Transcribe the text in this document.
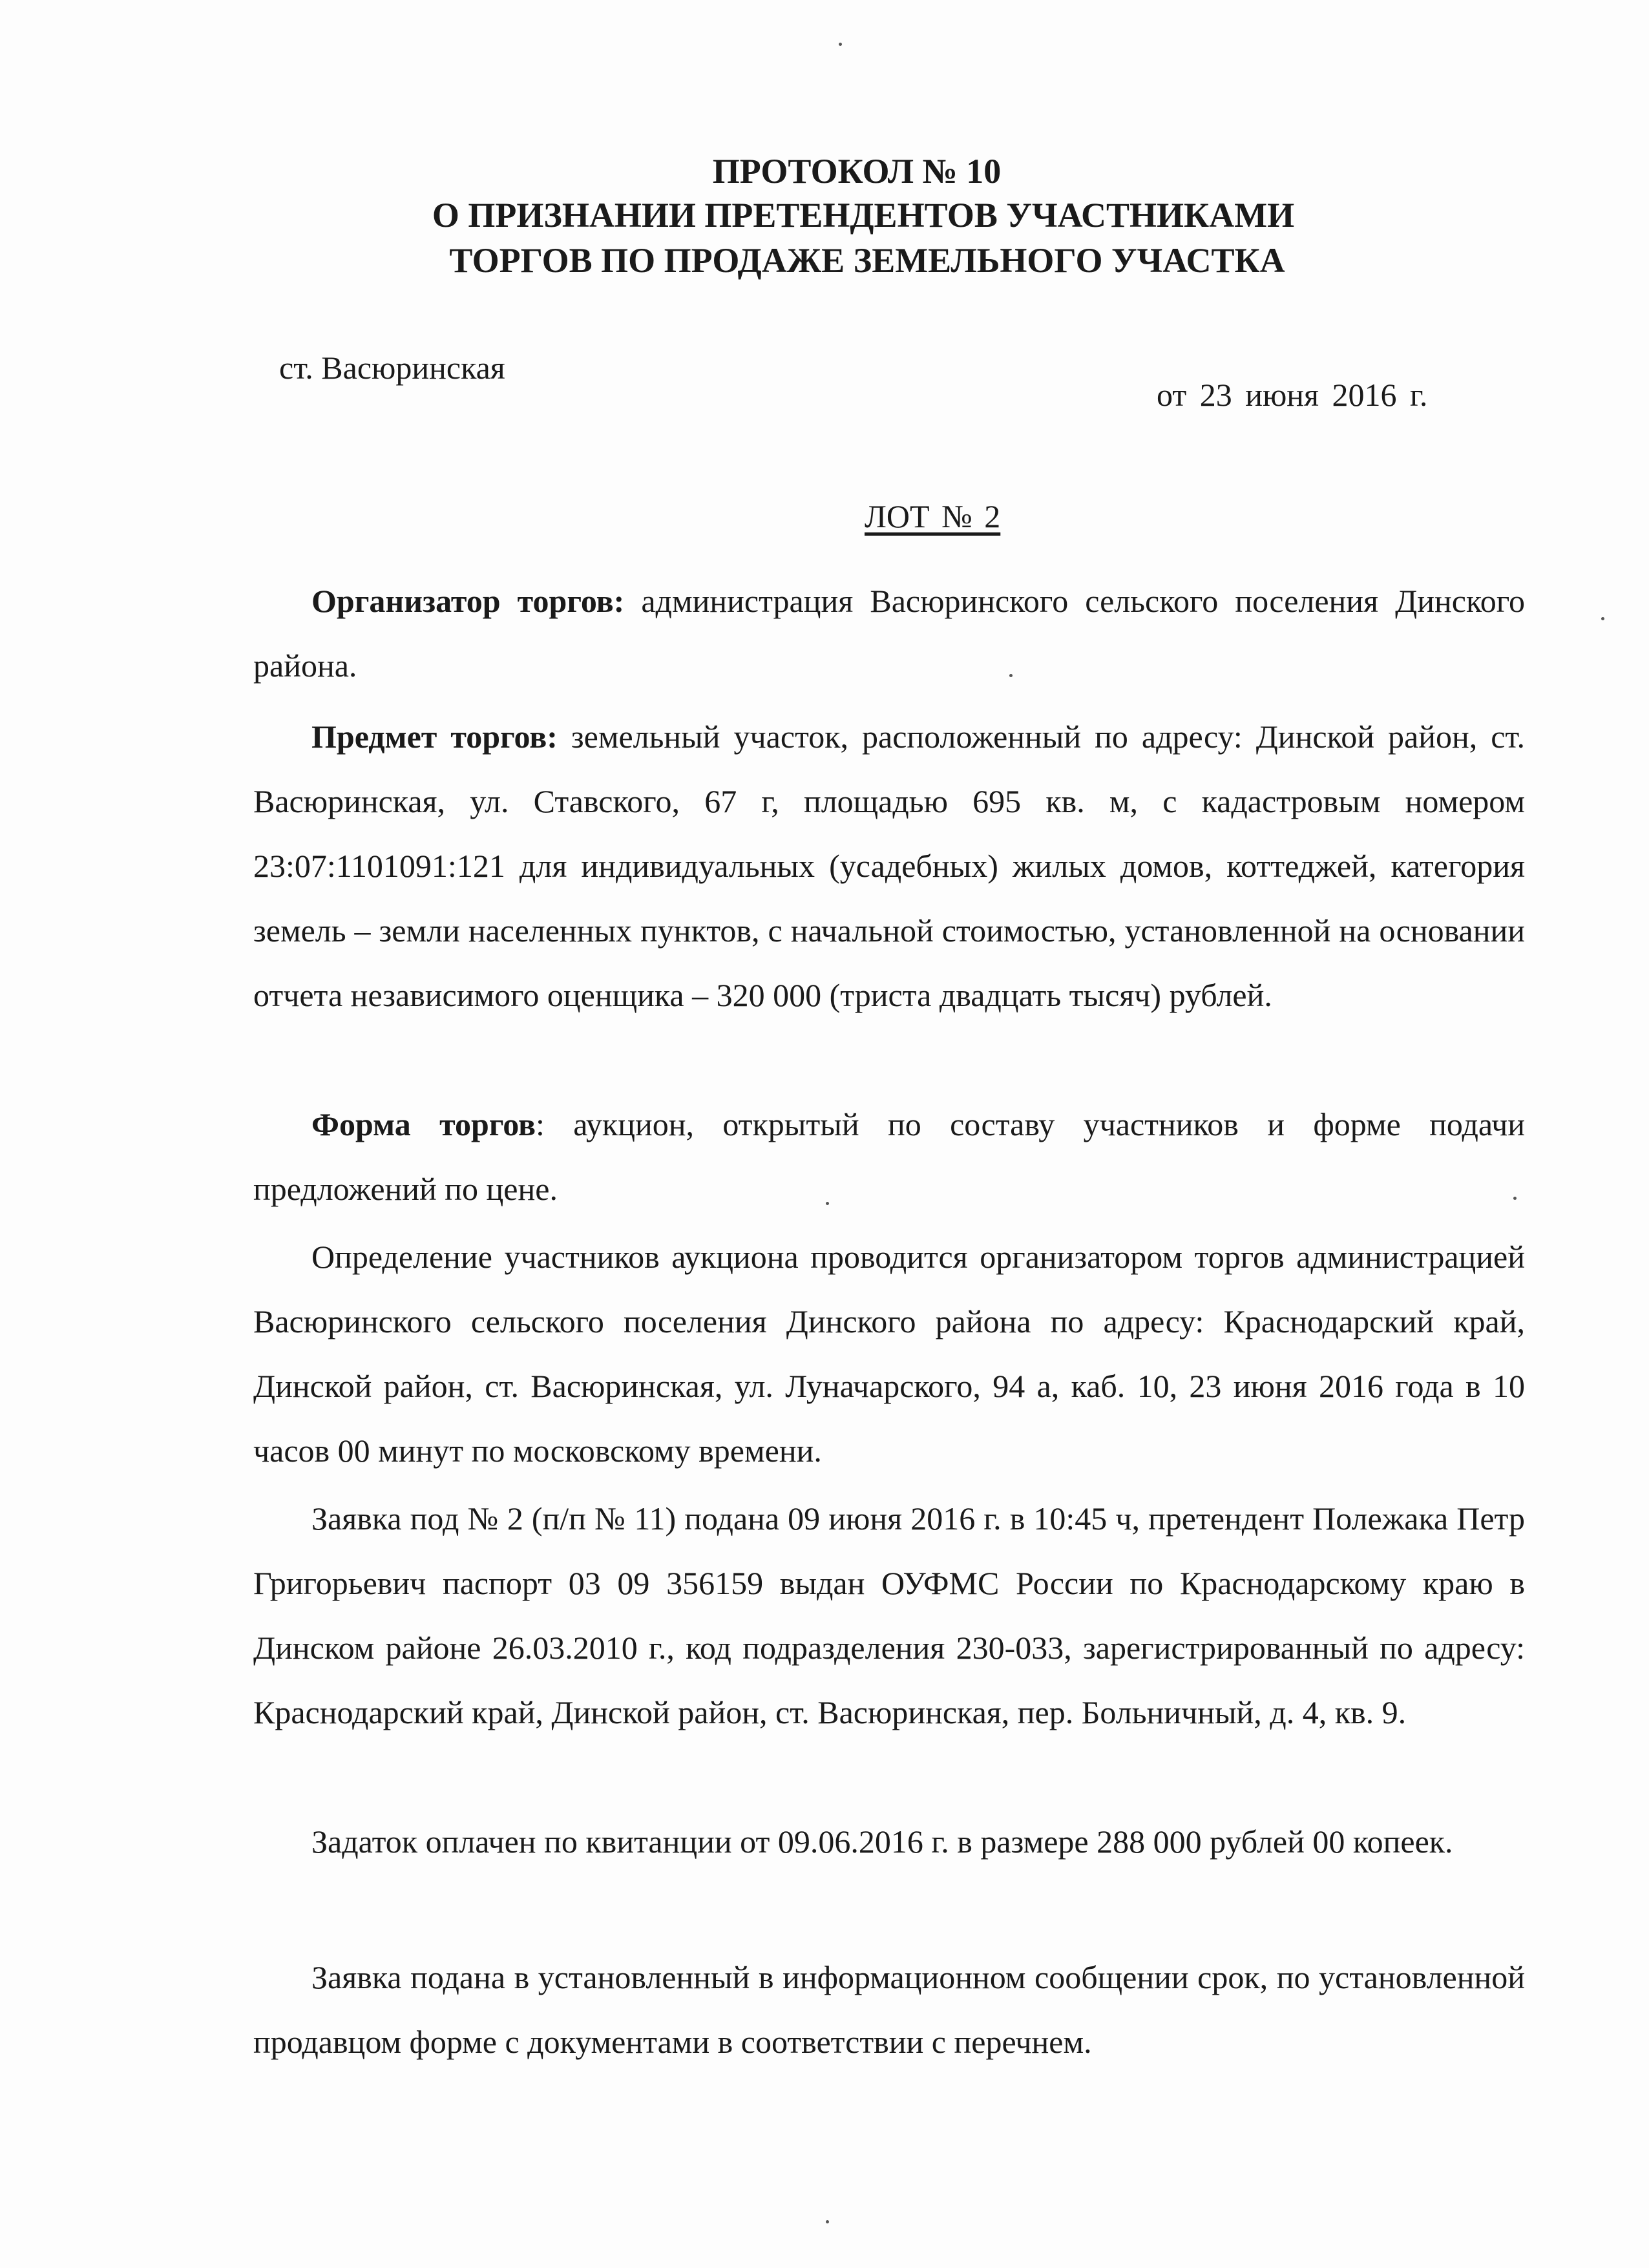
ПРОТОКОЛ № 10
О ПРИЗНАНИИ ПРЕТЕНДЕНТОВ УЧАСТНИКАМИ
ТОРГОВ ПО ПРОДАЖЕ ЗЕМЕЛЬНОГО УЧАСТКА
ст. Васюринская
от 23 июня 2016 г.
ЛОТ № 2

Организатор торгов: администрация Васюринского сельского поселения Динского района.

Предмет торгов: земельный участок, расположенный по адресу: Динской район, ст. Васюринская, ул. Ставского, 67 г, площадью 695 кв. м, с кадастровым номером 23:07:1101091:121 для индивидуальных (усадебных) жилых домов, коттеджей, категория земель – земли населенных пунктов, с начальной стоимостью, установленной на основании отчета независимого оценщика – 320 000 (триста двадцать тысяч) рублей.

Форма торгов: аукцион, открытый по составу участников и форме подачи предложений по цене.

Определение участников аукциона проводится организатором торгов администрацией Васюринского сельского поселения Динского района по адресу: Краснодарский край, Динской район, ст. Васюринская, ул. Луначарского, 94 а, каб. 10, 23 июня 2016 года в 10 часов 00 минут по московскому времени.

Заявка под № 2 (п/п № 11) подана 09 июня 2016 г. в 10:45 ч, претендент Полежака Петр Григорьевич паспорт 03 09 356159 выдан ОУФМС России по Краснодарскому краю в Динском районе 26.03.2010 г., код подразделения 230-033, зарегистрированный по адресу: Краснодарский край, Динской район, ст. Васюринская, пер. Больничный, д. 4, кв. 9.

Задаток оплачен по квитанции от 09.06.2016 г. в размере 288 000 рублей 00 копеек.

Заявка подана в установленный в информационном сообщении срок, по установленной продавцом форме с документами в соответствии с перечнем.
